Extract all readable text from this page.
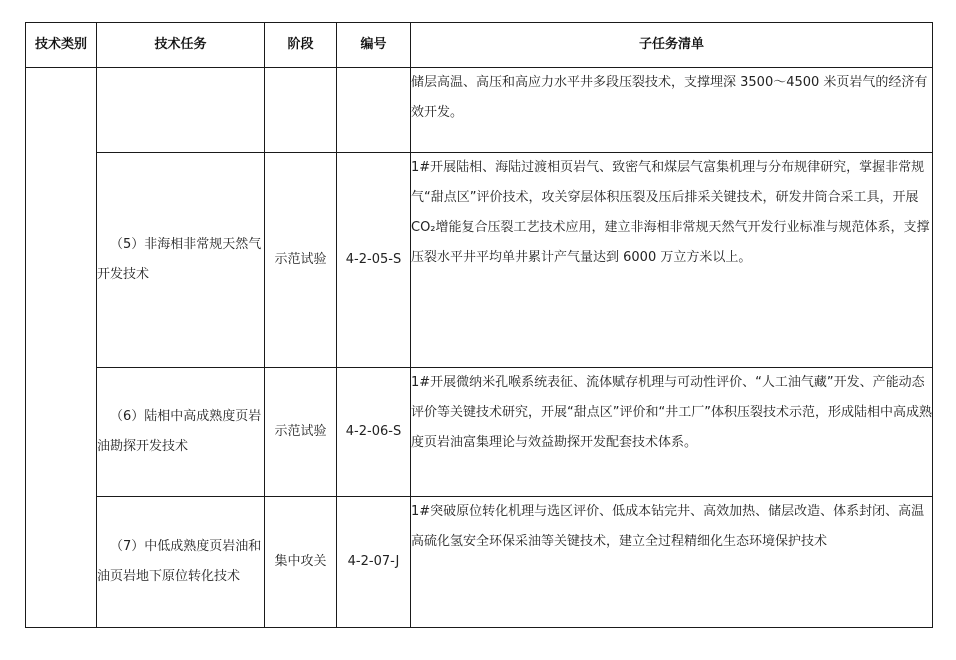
技术类别	技术任务	阶段	编号	子任务清单
				储层高温、高压和高应力水平井多段压裂技术，支撑埋深 3500～4500 米页岩气的经济有效开发。
	（5）非海相非常规天然气开发技术	示范试验	4-2-05-S	1#开展陆相、海陆过渡相页岩气、致密气和煤层气富集机理与分布规律研究，掌握非常规气“甜点区”评价技术，攻关穿层体积压裂及压后排采关键技术，研发井筒合采工具，开展 CO₂增能复合压裂工艺技术应用，建立非海相非常规天然气开发行业标准与规范体系，支撑压裂水平井平均单井累计产气量达到 6000 万立方米以上。
	（6）陆相中高成熟度页岩油勘探开发技术	示范试验	4-2-06-S	1#开展微纳米孔喉系统表征、流体赋存机理与可动性评价、“人工油气藏”开发、产能动态评价等关键技术研究，开展“甜点区”评价和“井工厂”体积压裂技术示范，形成陆相中高成熟度页岩油富集理论与效益勘探开发配套技术体系。
	（7）中低成熟度页岩油和油页岩地下原位转化技术	集中攻关	4-2-07-J	1#突破原位转化机理与选区评价、低成本钻完井、高效加热、储层改造、体系封闭、高温高硫化氢安全环保采油等关键技术，建立全过程精细化生态环境保护技术
